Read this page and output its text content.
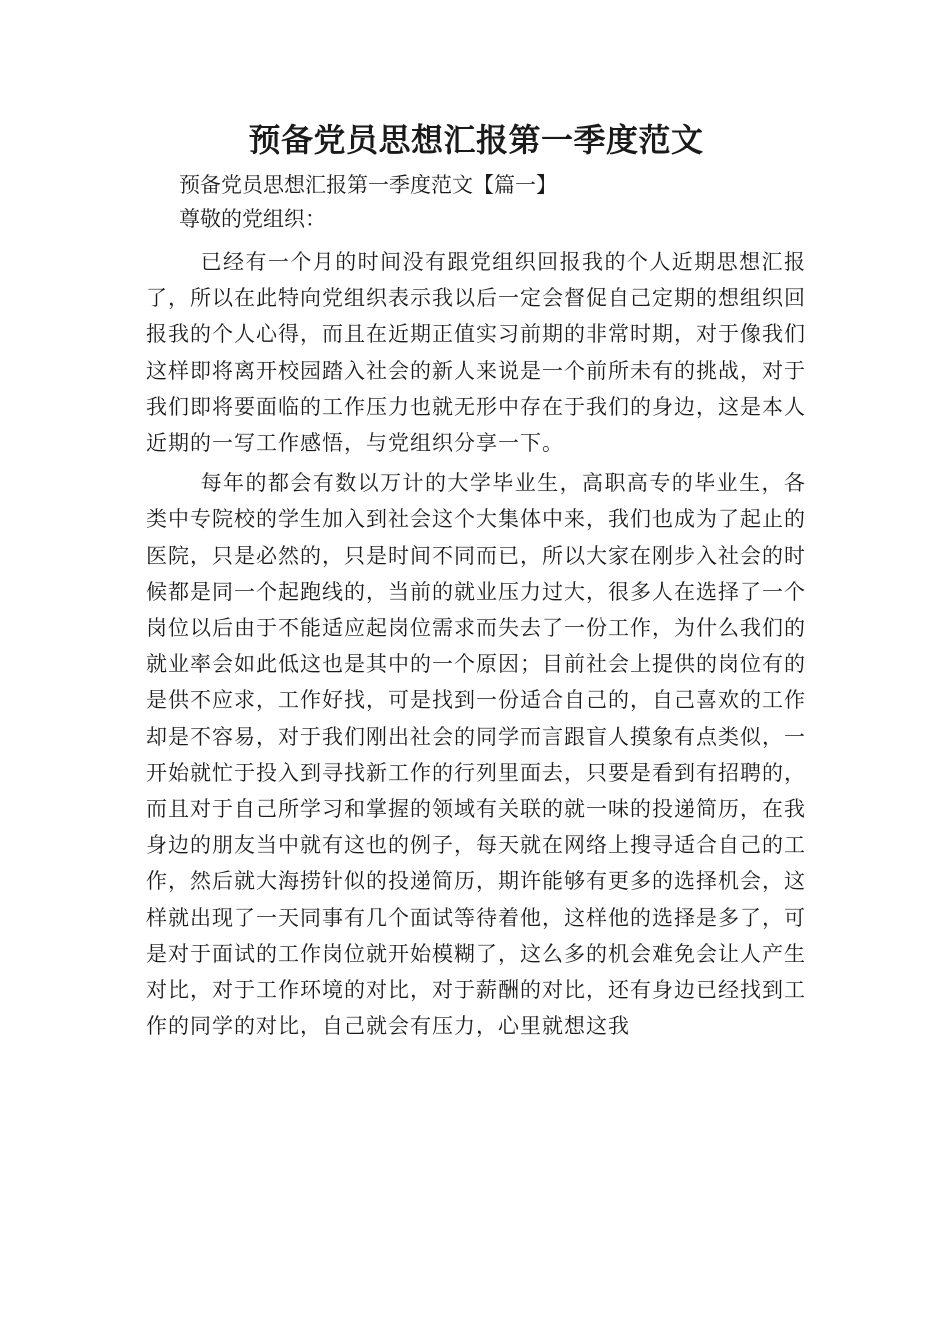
预备党员思想汇报第一季度范文

预备党员思想汇报第一季度范文【篇一】

尊敬的党组织：

已经有一个月的时间没有跟党组织回报我的个人近期思想汇报了，所以在此特向党组织表示我以后一定会督促自己定期的想组织回报我的个人心得，而且在近期正值实习前期的非常时期，对于像我们这样即将离开校园踏入社会的新人来说是一个前所未有的挑战，对于我们即将要面临的工作压力也就无形中存在于我们的身边，这是本人近期的一写工作感悟，与党组织分享一下。

每年的都会有数以万计的大学毕业生，高职高专的毕业生，各类中专院校的学生加入到社会这个大集体中来，我们也成为了起止的医院，只是必然的，只是时间不同而已，所以大家在刚步入社会的时候都是同一个起跑线的，当前的就业压力过大，很多人在选择了一个岗位以后由于不能适应起岗位需求而失去了一份工作，为什么我们的就业率会如此低这也是其中的一个原因；目前社会上提供的岗位有的是供不应求，工作好找，可是找到一份适合自己的，自己喜欢的工作却是不容易，对于我们刚出社会的同学而言跟盲人摸象有点类似，一开始就忙于投入到寻找新工作的行列里面去，只要是看到有招聘的，而且对于自己所学习和掌握的领域有关联的就一味的投递简历，在我身边的朋友当中就有这也的例子，每天就在网络上搜寻适合自己的工作，然后就大海捞针似的投递简历，期许能够有更多的选择机会，这样就出现了一天同事有几个面试等待着他，这样他的选择是多了，可是对于面试的工作岗位就开始模糊了，这么多的机会难免会让人产生对比，对于工作环境的对比，对于薪酬的对比，还有身边已经找到工作的同学的对比，自己就会有压力，心里就想这我
